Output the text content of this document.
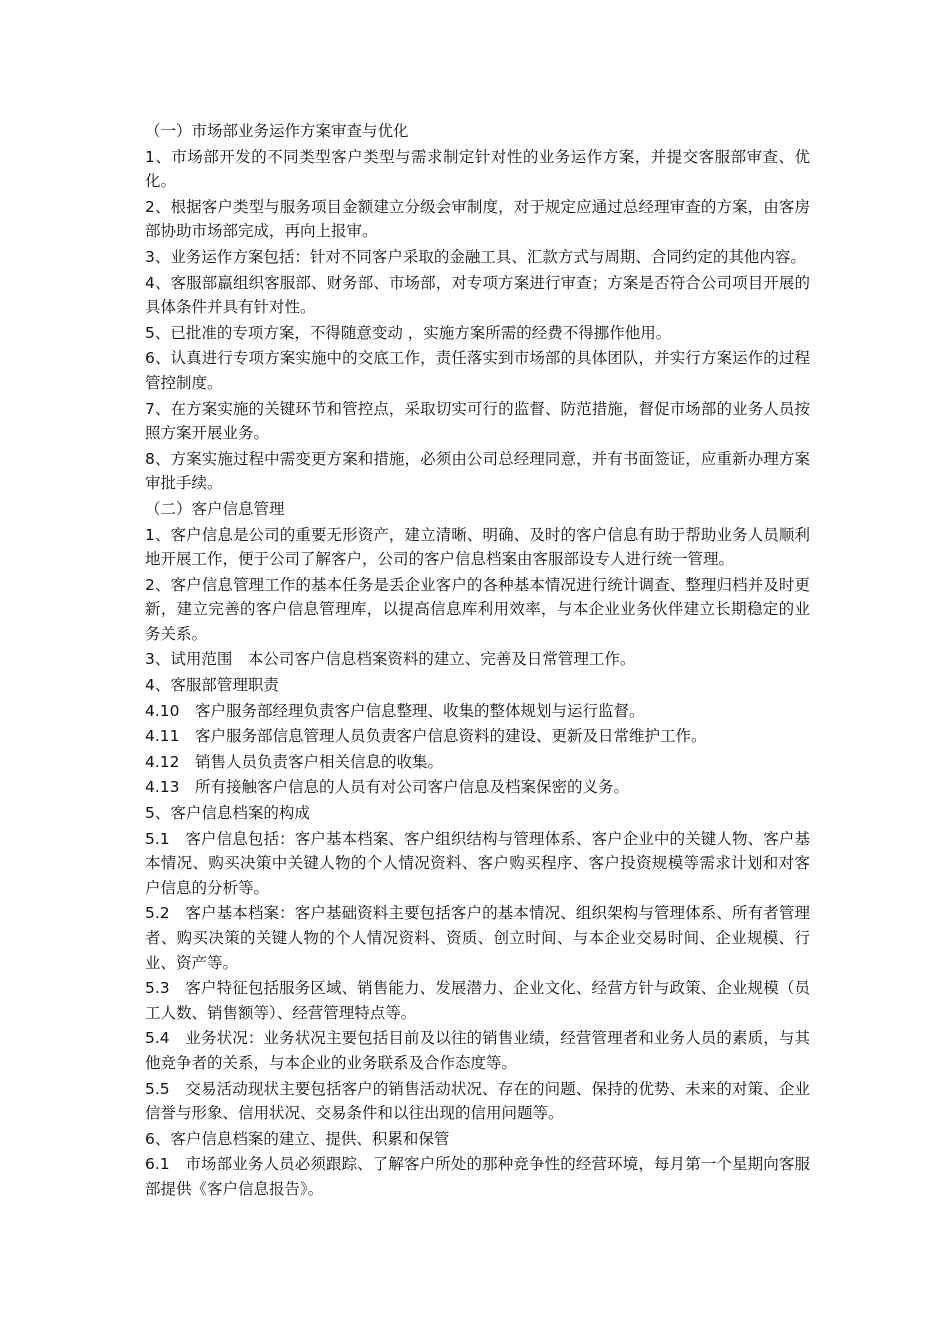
（一）市场部业务运作方案审查与优化

1、市场部开发的不同类型客户类型与需求制定针对性的业务运作方案，并提交客服部审查、优化。

2、根据客户类型与服务项目金额建立分级会审制度，对于规定应通过总经理审查的方案，由客房部协助市场部完成，再向上报审。

3、业务运作方案包括：针对不同客户采取的金融工具、汇款方式与周期、合同约定的其他内容。

4、客服部羸组织客服部、财务部、市场部，对专项方案进行审查；方案是否符合公司项目开展的具体条件并具有针对性。

5、已批准的专项方案，不得随意变动 ，实施方案所需的经费不得挪作他用。

6、认真进行专项方案实施中的交底工作，责任落实到市场部的具体团队，并实行方案运作的过程管控制度。

7、在方案实施的关键环节和管控点，采取切实可行的监督、防范措施，督促市场部的业务人员按照方案开展业务。

8、方案实施过程中需变更方案和措施，必须由公司总经理同意，并有书面签证，应重新办理方案审批手续。

（二）客户信息管理

1、客户信息是公司的重要无形资产，建立清晰、明确、及时的客户信息有助于帮助业务人员顺利地开展工作，便于公司了解客户，公司的客户信息档案由客服部设专人进行统一管理。

2、客户信息管理工作的基本任务是丢企业客户的各种基本情况进行统计调查、整理归档并及时更新，建立完善的客户信息管理库，以提高信息库利用效率，与本企业业务伙伴建立长期稳定的业务关系。

3、试用范围　本公司客户信息档案资料的建立、完善及日常管理工作。

4、客服部管理职责

4.10　客户服务部经理负责客户信息整理、收集的整体规划与运行监督。

4.11　客户服务部信息管理人员负责客户信息资料的建设、更新及日常维护工作。

4.12　销售人员负责客户相关信息的收集。

4.13　所有接触客户信息的人员有对公司客户信息及档案保密的义务。

5、客户信息档案的构成

5.1　客户信息包括：客户基本档案、客户组织结构与管理体系、客户企业中的关键人物、客户基本情况、购买决策中关键人物的个人情况资料、客户购买程序、客户投资规模等需求计划和对客户信息的分析等。

5.2　客户基本档案：客户基础资料主要包括客户的基本情况、组织架构与管理体系、所有者管理者、购买决策的关键人物的个人情况资料、资质、创立时间、与本企业交易时间、企业规模、行业、资产等。

5.3　客户特征包括服务区域、销售能力、发展潜力、企业文化、经营方针与政策、企业规模（员工人数、销售额等）、经营管理特点等。

5.4　业务状况：业务状况主要包括目前及以往的销售业绩，经营管理者和业务人员的素质，与其他竞争者的关系，与本企业的业务联系及合作态度等。

5.5　交易活动现状主要包括客户的销售活动状况、存在的问题、保持的优势、未来的对策、企业信誉与形象、信用状况、交易条件和以往出现的信用问题等。

6、客户信息档案的建立、提供、积累和保管

6.1　市场部业务人员必须跟踪、了解客户所处的那种竞争性的经营环境，每月第一个星期向客服部提供《客户信息报告》。
